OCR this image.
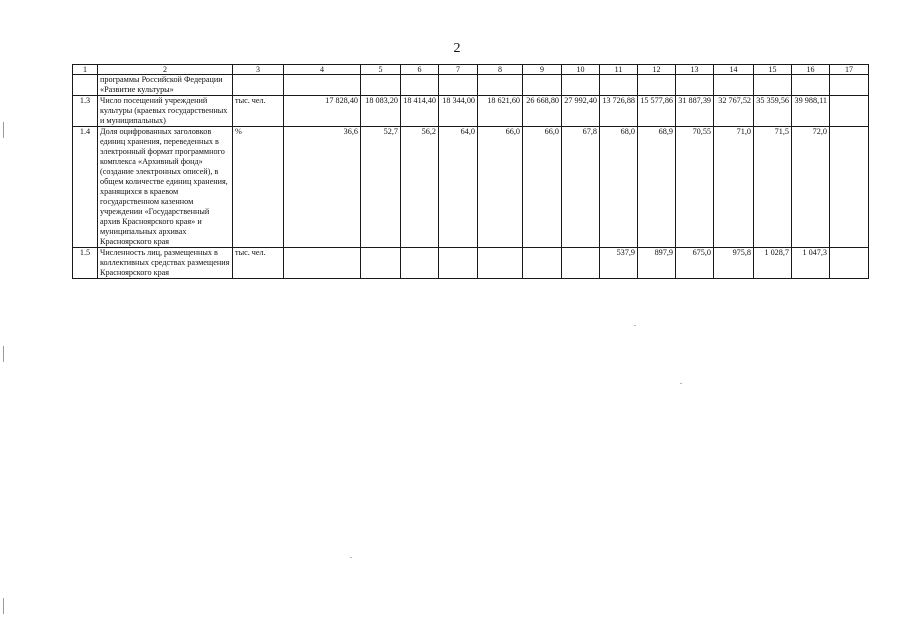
2
1	2	3	4	5	6	7	8	9	10	11	12	13	14	15	16	17	
	программы Российской Федерации «Развитие культуры»																
1.3	Число посещений учреждений культуры (краевых государственных и муниципальных)	тыс. чел.	17 828,40	18 083,20	18 414,40	18 344,00	18 621,60	26 668,80	27 992,40	13 726,88	15 577,86	31 887,39	32 767,52	35 359,56	39 988,11		
1.4	Доля оцифрованных заголовков единиц хранения, переведенных в электронный формат программного комплекса «Архивный фонд» (создание электронных описей), в общем количестве единиц хранения, хранящихся в краевом государственном казенном учреждении «Государственный архив Красноярского края» и муниципальных архивах Красноярского края	%	36,6	52,7	56,2	64,0	66,0	66,0	67,8	68,0	68,9	70,55	71,0	71,5	72,0		
1.5	Численность лиц, размещенных в коллективных средствах размещения Красноярского края	тыс. чел.								537,9	897,9	675,0	975,8	1 028,7	1 047,3		
